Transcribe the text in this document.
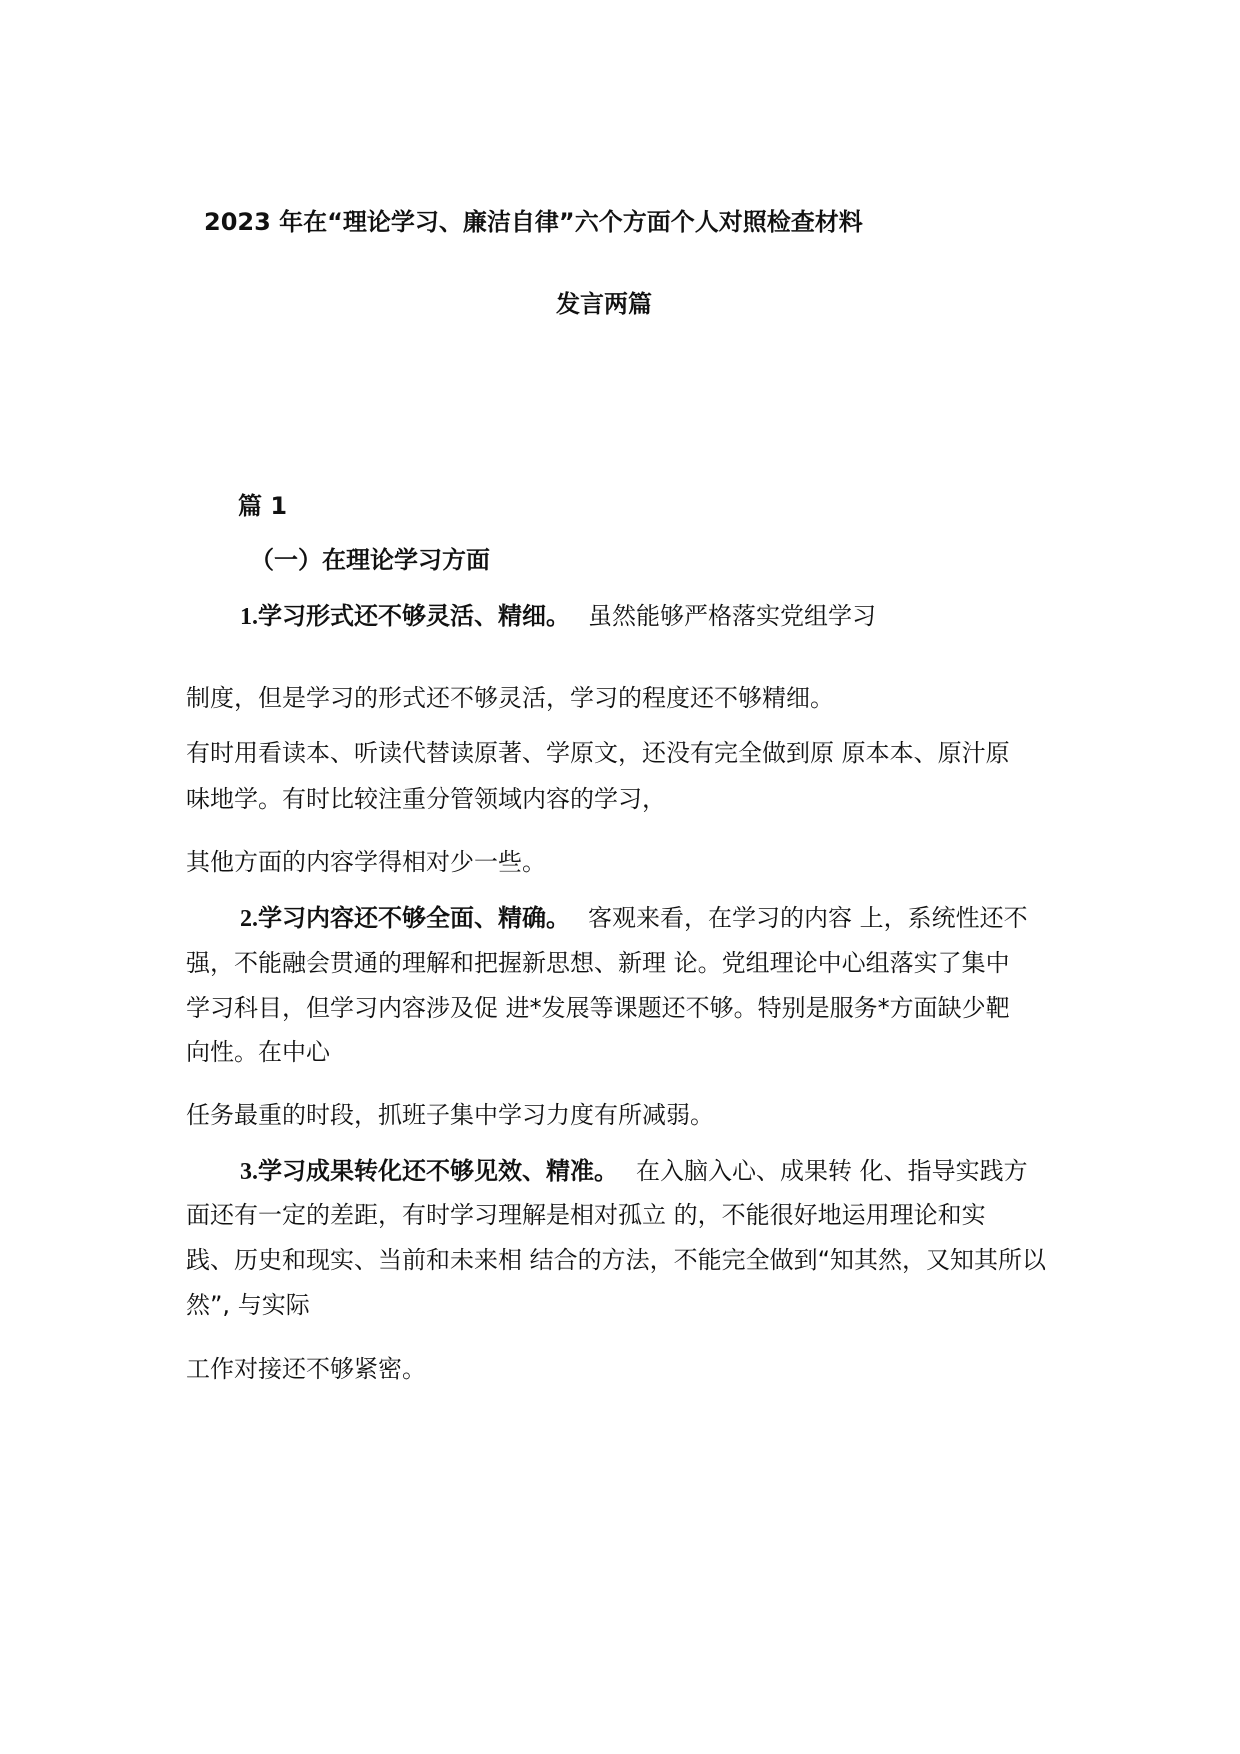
2023 年在“理论学习、廉洁自律”六个方面个人对照检查材料
发言两篇
篇 1
（一）在理论学习方面
1.学习形式还不够灵活、精细。 虽然能够严格落实党组学习
制度，但是学习的形式还不够灵活，学习的程度还不够精细。
有时用看读本、听读代替读原著、学原文，还没有完全做到原 原本本、原汁原
味地学。有时比较注重分管领域内容的学习，
其他方面的内容学得相对少一些。
2.学习内容还不够全面、精确。 客观来看，在学习的内容 上，系统性还不
强，不能融会贯通的理解和把握新思想、新理 论。党组理论中心组落实了集中
学习科目，但学习内容涉及促 进*发展等课题还不够。特别是服务*方面缺少靶
向性。在中心
任务最重的时段，抓班子集中学习力度有所减弱。
3.学习成果转化还不够见效、精准。 在入脑入心、成果转 化、指导实践方
面还有一定的差距，有时学习理解是相对孤立 的，不能很好地运用理论和实
践、历史和现实、当前和未来相 结合的方法，不能完全做到“知其然，又知其所以
然”, 与实际
工作对接还不够紧密。
